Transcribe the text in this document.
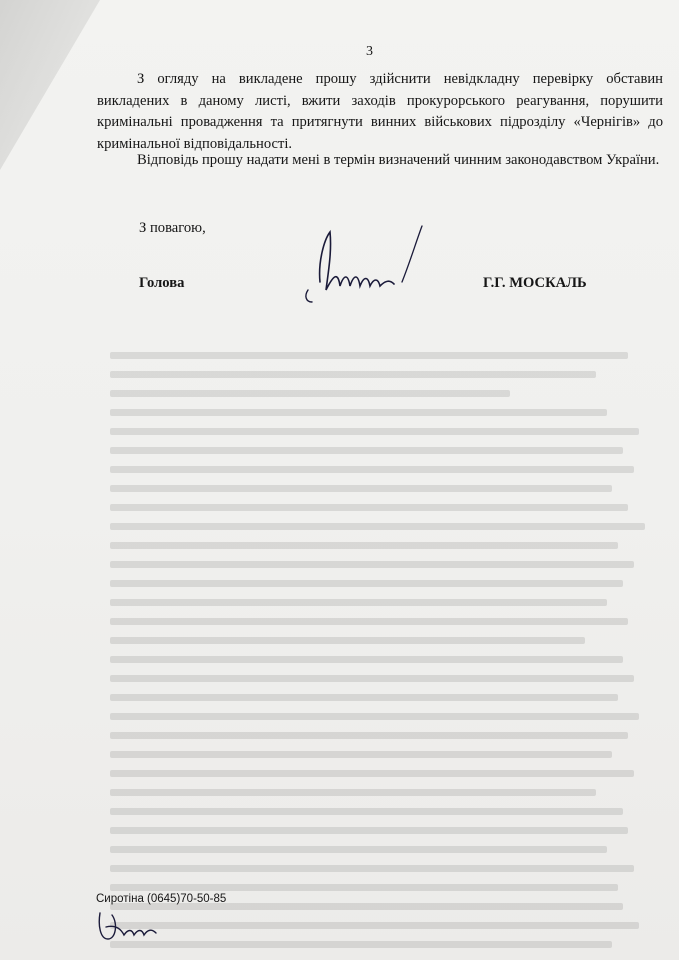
3
З огляду на викладене прошу здійснити невідкладну перевірку обставин викладених в даному листі, вжити заходів прокурорського реагування, порушити кримінальні провадження та притягнути винних військових підрозділу «Чернігів» до кримінальної відповідальності.
Відповідь прошу надати мені в термін визначений чинним законодавством України.
З повагою,
Голова	Г.Г. МОСКАЛЬ
Сиротіна (0645)70-50-85
